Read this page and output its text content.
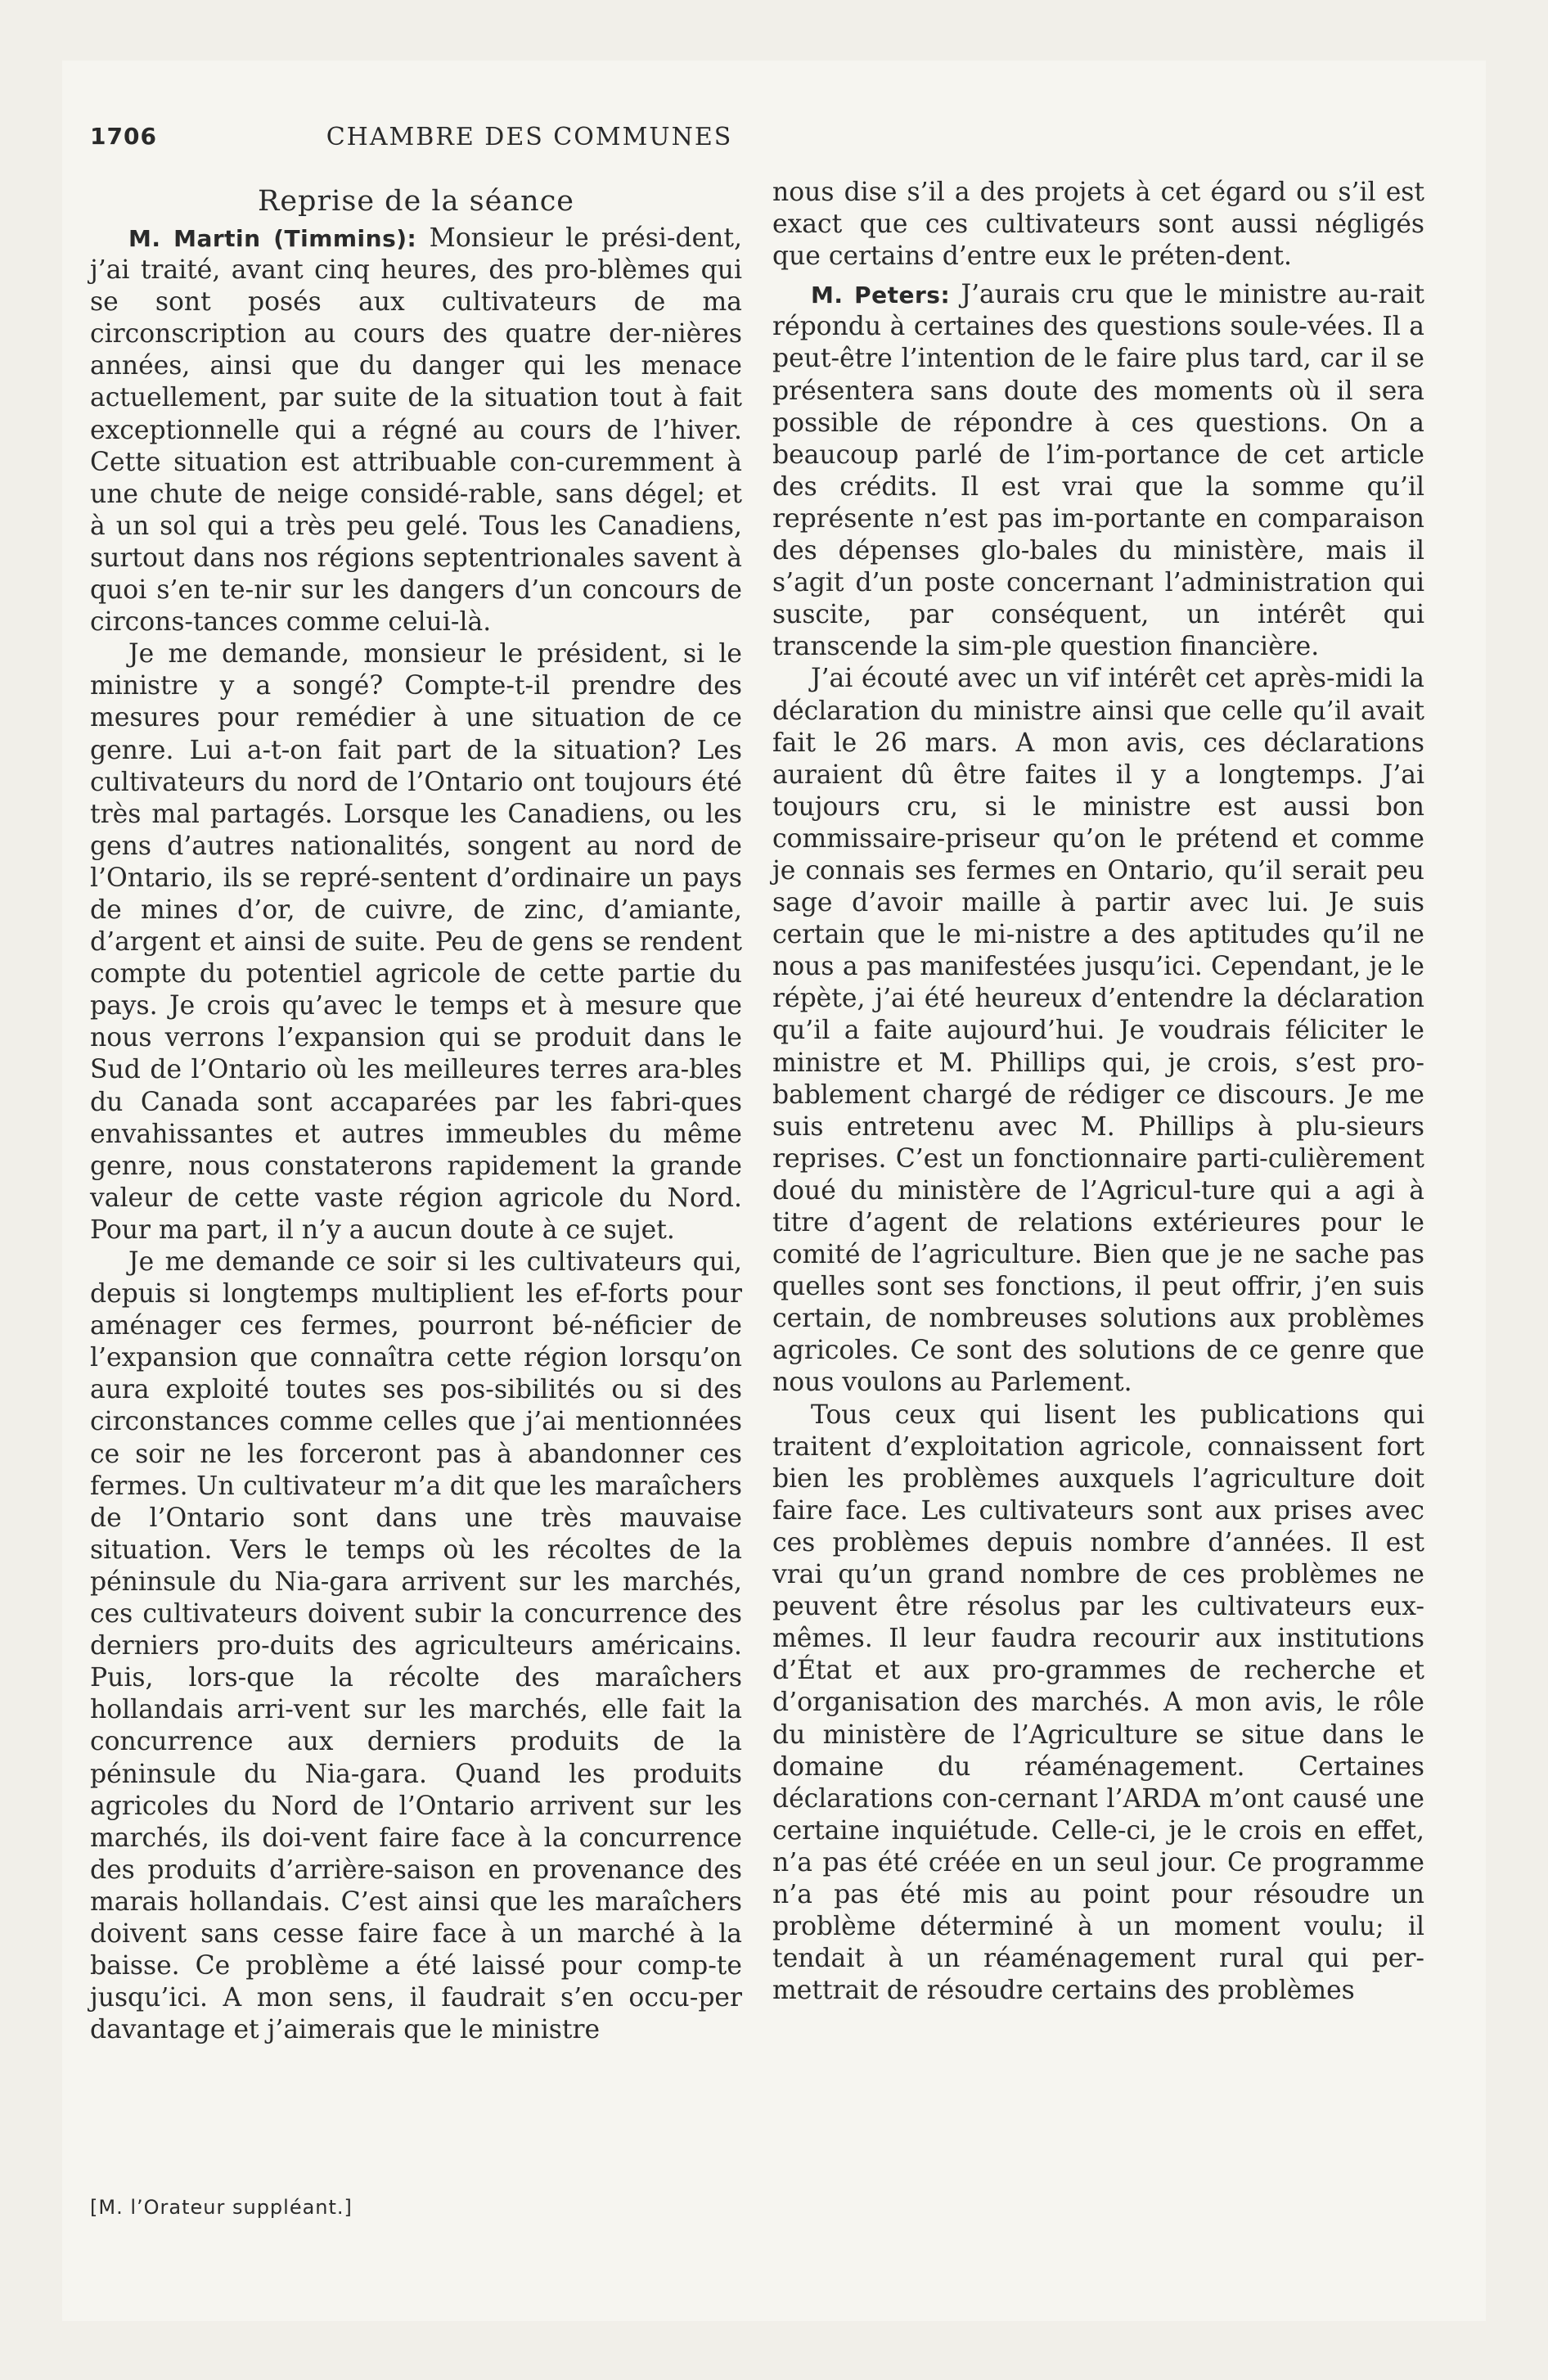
CHAMBRE DES COMMUNES
1706
Reprise de la séance

M. Martin (Timmins): Monsieur le prési-dent, j’ai traité, avant cinq heures, des pro-blèmes qui se sont posés aux cultivateurs de ma circonscription au cours des quatre der-nières années, ainsi que du danger qui les menace actuellement, par suite de la situation tout à fait exceptionnelle qui a régné au cours de l’hiver. Cette situation est attribuable con-curemment à une chute de neige considé-rable, sans dégel; et à un sol qui a très peu gelé. Tous les Canadiens, surtout dans nos régions septentrionales savent à quoi s’en te-nir sur les dangers d’un concours de circons-tances comme celui-là.

Je me demande, monsieur le président, si le ministre y a songé? Compte-t-il prendre des mesures pour remédier à une situation de ce genre. Lui a-t-on fait part de la situation? Les cultivateurs du nord de l’Ontario ont toujours été très mal partagés. Lorsque les Canadiens, ou les gens d’autres nationalités, songent au nord de l’Ontario, ils se repré-sentent d’ordinaire un pays de mines d’or, de cuivre, de zinc, d’amiante, d’argent et ainsi de suite. Peu de gens se rendent compte du potentiel agricole de cette partie du pays. Je crois qu’avec le temps et à mesure que nous verrons l’expansion qui se produit dans le Sud de l’Ontario où les meilleures terres ara-bles du Canada sont accaparées par les fabri-ques envahissantes et autres immeubles du même genre, nous constaterons rapidement la grande valeur de cette vaste région agricole du Nord. Pour ma part, il n’y a aucun doute à ce sujet.

Je me demande ce soir si les cultivateurs qui, depuis si longtemps multiplient les ef-forts pour aménager ces fermes, pourront bé-néficier de l’expansion que connaîtra cette région lorsqu’on aura exploité toutes ses pos-sibilités ou si des circonstances comme celles que j’ai mentionnées ce soir ne les forceront pas à abandonner ces fermes. Un cultivateur m’a dit que les maraîchers de l’Ontario sont dans une très mauvaise situation. Vers le temps où les récoltes de la péninsule du Nia-gara arrivent sur les marchés, ces cultivateurs doivent subir la concurrence des derniers pro-duits des agriculteurs américains. Puis, lors-que la récolte des maraîchers hollandais arri-vent sur les marchés, elle fait la concurrence aux derniers produits de la péninsule du Nia-gara. Quand les produits agricoles du Nord de l’Ontario arrivent sur les marchés, ils doi-vent faire face à la concurrence des produits d’arrière-saison en provenance des marais hollandais. C’est ainsi que les maraîchers doivent sans cesse faire face à un marché à la baisse. Ce problème a été laissé pour comp-te jusqu’ici. A mon sens, il faudrait s’en occu-per davantage et j’aimerais que le ministre

nous dise s’il a des projets à cet égard ou s’il est exact que ces cultivateurs sont aussi négligés que certains d’entre eux le préten-dent.

M. Peters: J’aurais cru que le ministre au-rait répondu à certaines des questions soule-vées. Il a peut-être l’intention de le faire plus tard, car il se présentera sans doute des moments où il sera possible de répondre à ces questions. On a beaucoup parlé de l’im-portance de cet article des crédits. Il est vrai que la somme qu’il représente n’est pas im-portante en comparaison des dépenses glo-bales du ministère, mais il s’agit d’un poste concernant l’administration qui suscite, par conséquent, un intérêt qui transcende la sim-ple question financière.

J’ai écouté avec un vif intérêt cet après-midi la déclaration du ministre ainsi que celle qu’il avait fait le 26 mars. A mon avis, ces déclarations auraient dû être faites il y a longtemps. J’ai toujours cru, si le ministre est aussi bon commissaire-priseur qu’on le prétend et comme je connais ses fermes en Ontario, qu’il serait peu sage d’avoir maille à partir avec lui. Je suis certain que le mi-nistre a des aptitudes qu’il ne nous a pas manifestées jusqu’ici. Cependant, je le répète, j’ai été heureux d’entendre la déclaration qu’il a faite aujourd’hui. Je voudrais féliciter le ministre et M. Phillips qui, je crois, s’est pro-bablement chargé de rédiger ce discours. Je me suis entretenu avec M. Phillips à plu-sieurs reprises. C’est un fonctionnaire parti-culièrement doué du ministère de l’Agricul-ture qui a agi à titre d’agent de relations extérieures pour le comité de l’agriculture. Bien que je ne sache pas quelles sont ses fonctions, il peut offrir, j’en suis certain, de nombreuses solutions aux problèmes agricoles. Ce sont des solutions de ce genre que nous voulons au Parlement.

Tous ceux qui lisent les publications qui traitent d’exploitation agricole, connaissent fort bien les problèmes auxquels l’agriculture doit faire face. Les cultivateurs sont aux prises avec ces problèmes depuis nombre d’années. Il est vrai qu’un grand nombre de ces problèmes ne peuvent être résolus par les cultivateurs eux-mêmes. Il leur faudra recourir aux institutions d’État et aux pro-grammes de recherche et d’organisation des marchés. A mon avis, le rôle du ministère de l’Agriculture se situe dans le domaine du réaménagement. Certaines déclarations con-cernant l’ARDA m’ont causé une certaine inquiétude. Celle-ci, je le crois en effet, n’a pas été créée en un seul jour. Ce programme n’a pas été mis au point pour résoudre un problème déterminé à un moment voulu; il tendait à un réaménagement rural qui per-mettrait de résoudre certains des problèmes

[M. l’Orateur suppléant.]
